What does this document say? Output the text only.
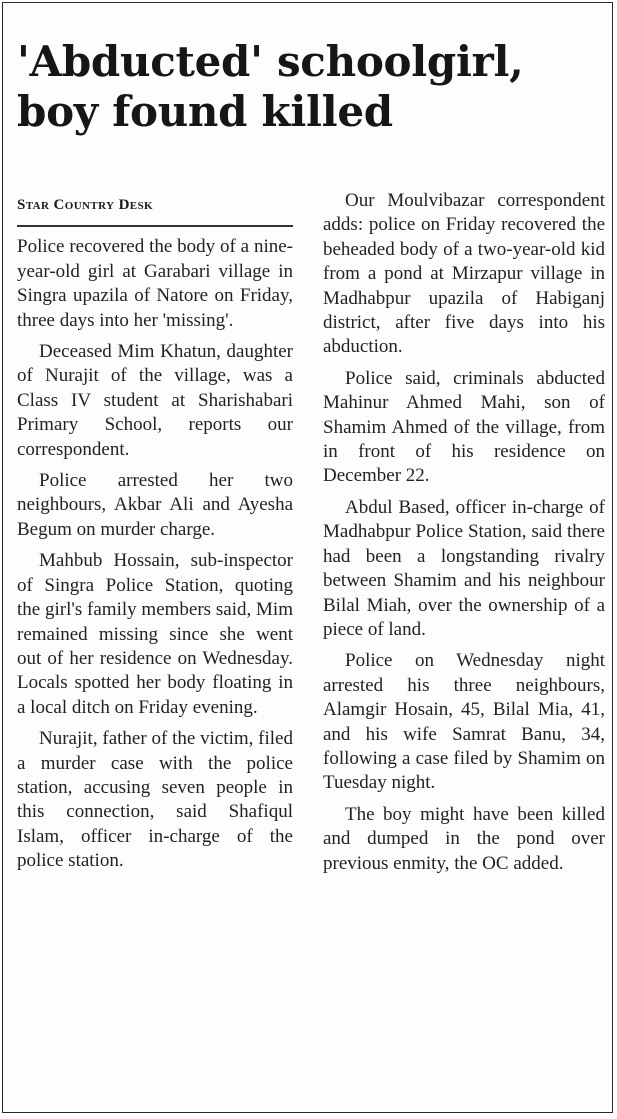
'Abducted' schoolgirl, boy found killed
Star Country Desk

Police recovered the body of a nine-year-old girl at Garabari village in Singra upazila of Natore on Friday, three days into her 'missing'.

Deceased Mim Khatun, daughter of Nurajit of the village, was a Class IV student at Sharishabari Primary School, reports our correspondent.

Police arrested her two neighbours, Akbar Ali and Ayesha Begum on murder charge.

Mahbub Hossain, sub-inspector of Singra Police Station, quoting the girl's family members said, Mim remained missing since she went out of her residence on Wednesday. Locals spotted her body floating in a local ditch on Friday evening.

Nurajit, father of the victim, filed a murder case with the police station, accusing seven people in this connection, said Shafiqul Islam, officer in-charge of the police station.

Our Moulvibazar correspondent adds: police on Friday recovered the beheaded body of a two-year-old kid from a pond at Mirzapur village in Madhabpur upazila of Habiganj district, after five days into his abduction.

Police said, criminals abducted Mahinur Ahmed Mahi, son of Shamim Ahmed of the village, from in front of his residence on December 22.

Abdul Based, officer in-charge of Madhabpur Police Station, said there had been a longstanding rivalry between Shamim and his neighbour Bilal Miah, over the ownership of a piece of land.

Police on Wednesday night arrested his three neighbours, Alamgir Hosain, 45, Bilal Mia, 41, and his wife Samrat Banu, 34, following a case filed by Shamim on Tuesday night.

The boy might have been killed and dumped in the pond over previous enmity, the OC added.
